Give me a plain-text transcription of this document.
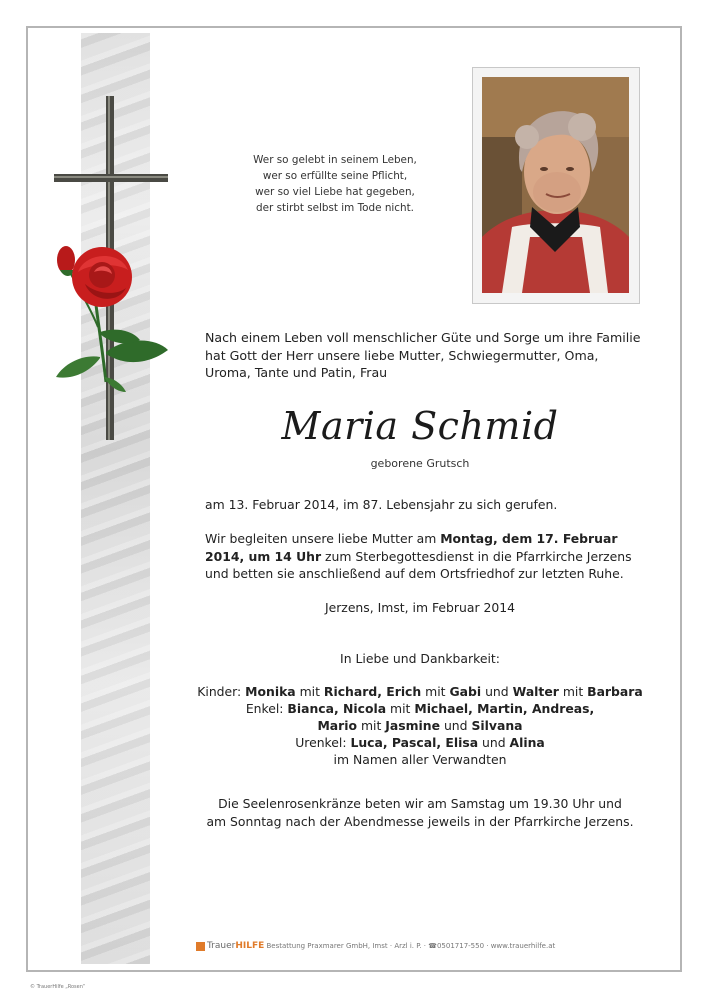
Wer so gelebt in seinem Leben,
wer so erfüllte seine Pflicht,
wer so viel Liebe hat gegeben,
der stirbt selbst im Tode nicht.
Nach einem Leben voll menschlicher Güte und Sorge um ihre Familie hat Gott der Herr unsere liebe Mutter, Schwiegermutter, Oma, Uroma, Tante und Patin, Frau
Maria Schmid
geborene Grutsch
am 13. Februar 2014, im 87. Lebensjahr zu sich gerufen.
Wir begleiten unsere liebe Mutter am Montag, dem 17. Februar 2014, um 14 Uhr zum Sterbegottesdienst in die Pfarrkirche Jerzens und betten sie anschließend auf dem Ortsfriedhof zur letzten Ruhe.
Jerzens, Imst, im Februar 2014
In Liebe und Dankbarkeit:
Kinder: Monika mit Richard, Erich mit Gabi und Walter mit Barbara
Enkel: Bianca, Nicola mit Michael, Martin, Andreas,
Mario mit Jasmine und Silvana
Urenkel: Luca, Pascal, Elisa und Alina
im Namen aller Verwandten
Die Seelenrosenkränze beten wir am Samstag um 19.30 Uhr und
am Sonntag nach der Abendmesse jeweils in der Pfarrkirche Jerzens.
TrauerHILFE Bestattung Praxmarer GmbH, Imst · Arzl i. P. · ☎0501717-550 · www.trauerhilfe.at
© TrauerHilfe „Rosen“
